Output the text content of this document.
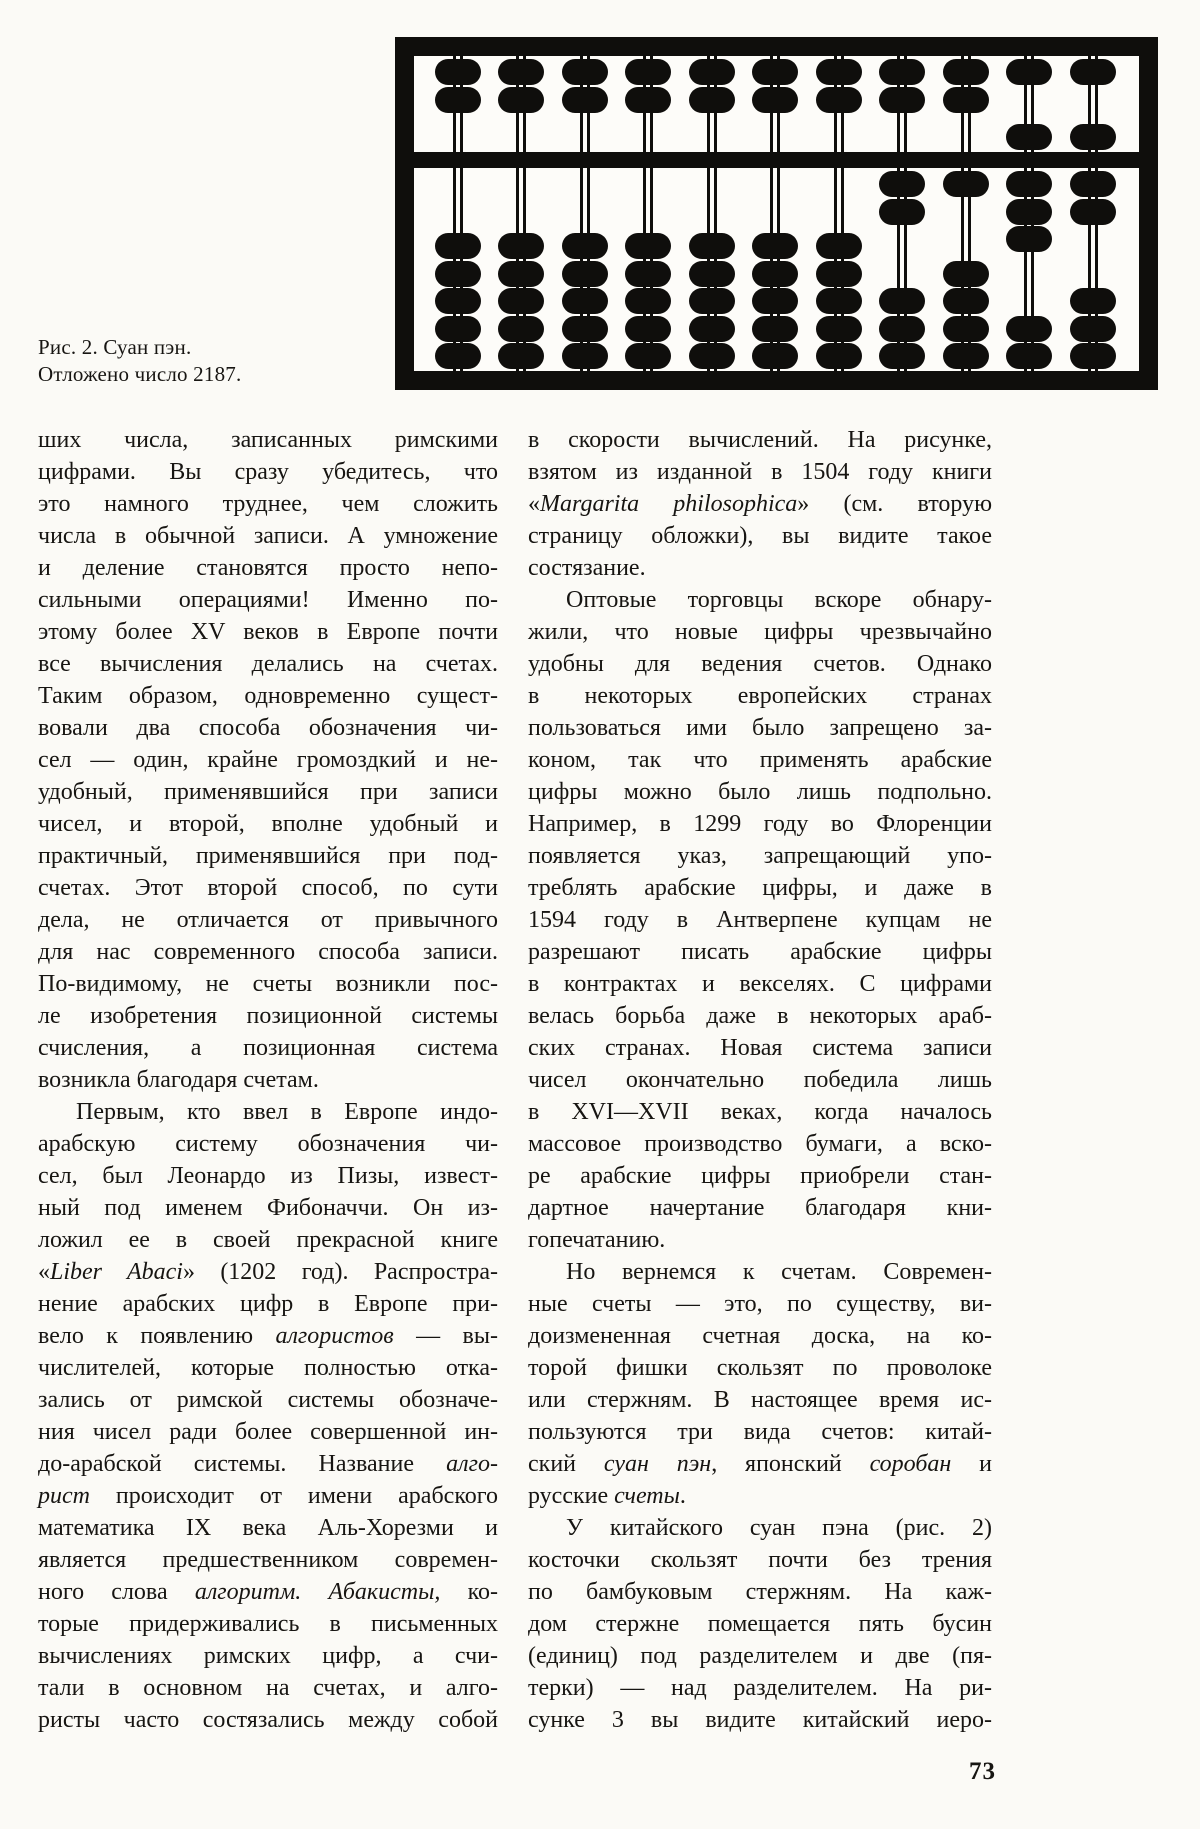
Рис. 2. Суан пэн.
Отложено число 2187.
ших числа, записанных римскими
цифрами. Вы сразу убедитесь, что
это намного труднее, чем сложить
числа в обычной записи. А умножение
и деление становятся просто непо-
сильными операциями! Именно по-
этому более XV веков в Европе почти
все вычисления делались на счетах.
Таким образом, одновременно сущест-
вовали два способа обозначения чи-
сел — один, крайне громоздкий и не-
удобный, применявшийся при записи
чисел, и второй, вполне удобный и
практичный, применявшийся при под-
счетах. Этот второй способ, по сути
дела, не отличается от привычного
для нас современного способа записи.
По-видимому, не счеты возникли пос-
ле изобретения позиционной системы
счисления, а позиционная система
возникла благодаря счетам.
Первым, кто ввел в Европе индо-
арабскую систему обозначения чи-
сел, был Леонардо из Пизы, извест-
ный под именем Фибоначчи. Он из-
ложил ее в своей прекрасной книге
«Liber Abaci» (1202 год). Распростра-
нение арабских цифр в Европе при-
вело к появлению алгористов — вы-
числителей, которые полностью отка-
зались от римской системы обозначе-
ния чисел ради более совершенной ин-
до-арабской системы. Название алго-
рист происходит от имени арабского
математика IX века Аль-Хорезми и
является предшественником современ-
ного слова алгоритм. Абакисты, ко-
торые придерживались в письменных
вычислениях римских цифр, а счи-
тали в основном на счетах, и алго-
ристы часто состязались между собой
в скорости вычислений. На рисунке,
взятом из изданной в 1504 году книги
«Margarita philosophica» (см. вторую
страницу обложки), вы видите такое
состязание.
Оптовые торговцы вскоре обнару-
жили, что новые цифры чрезвычайно
удобны для ведения счетов. Однако
в некоторых европейских странах
пользоваться ими было запрещено за-
коном, так что применять арабские
цифры можно было лишь подпольно.
Например, в 1299 году во Флоренции
появляется указ, запрещающий упо-
треблять арабские цифры, и даже в
1594 году в Антверпене купцам не
разрешают писать арабские цифры
в контрактах и векселях. С цифрами
велась борьба даже в некоторых араб-
ских странах. Новая система записи
чисел окончательно победила лишь
в XVI—XVII веках, когда началось
массовое производство бумаги, а вско-
ре арабские цифры приобрели стан-
дартное начертание благодаря кни-
гопечатанию.
Но вернемся к счетам. Современ-
ные счеты — это, по существу, ви-
доизмененная счетная доска, на ко-
торой фишки скользят по проволоке
или стержням. В настоящее время ис-
пользуются три вида счетов: китай-
ский суан пэн, японский соробан и
русские счеты.
У китайского суан пэна (рис. 2)
косточки скользят почти без трения
по бамбуковым стержням. На каж-
дом стержне помещается пять бусин
(единиц) под разделителем и две (пя-
терки) — над разделителем. На ри-
сунке 3 вы видите китайский иеро-
73
